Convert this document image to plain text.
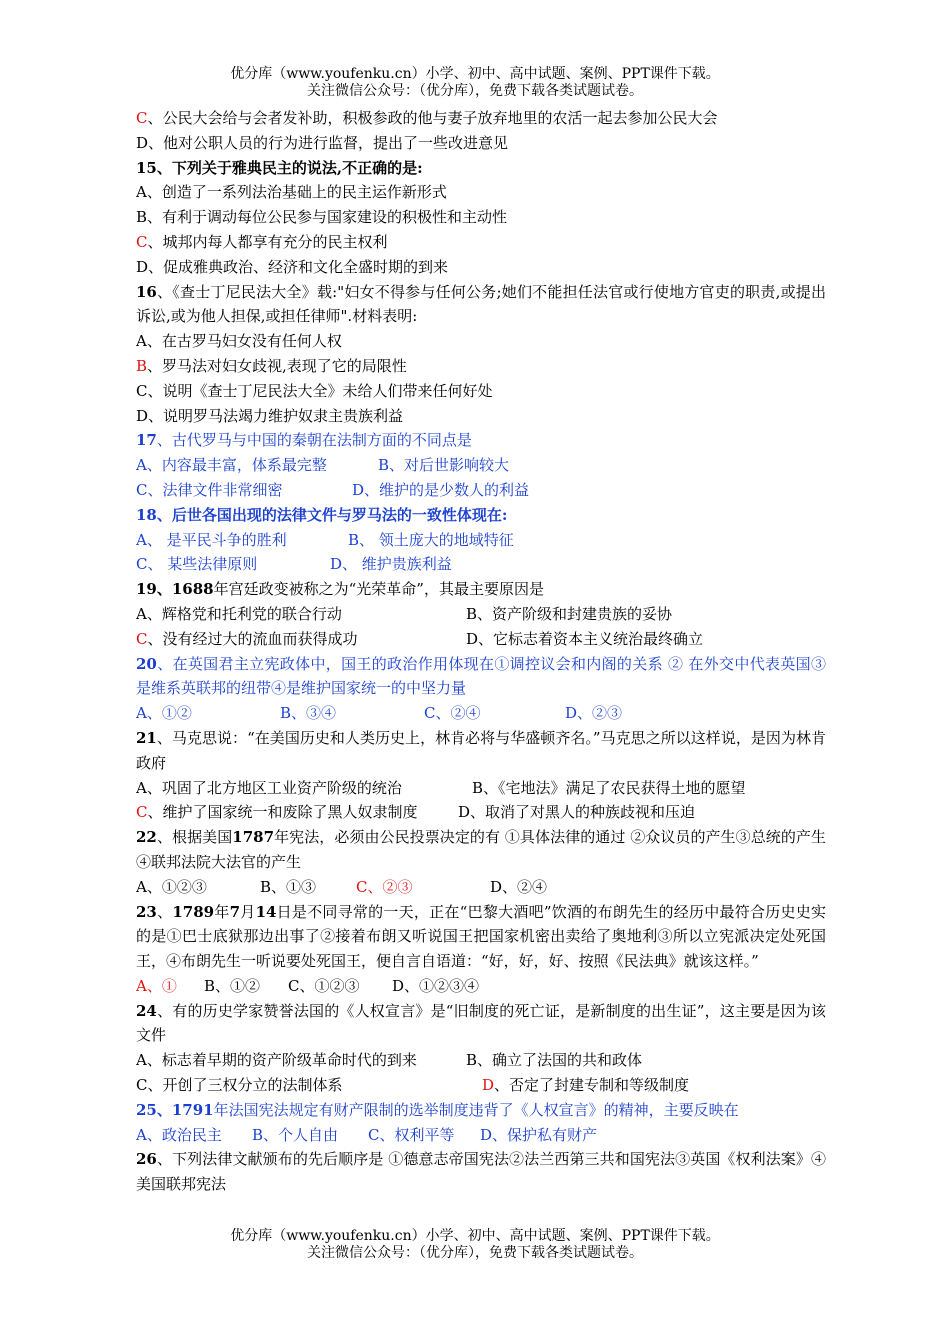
优分库（www.youfenku.cn）小学、初中、高中试题、案例、PPT课件下载。
关注微信公众号：（优分库），免费下载各类试题试卷。
C、公民大会给与会者发补助，积极参政的他与妻子放弃地里的农活一起去参加公民大会
D、他对公职人员的行为进行监督，提出了一些改进意见
15、下列关于雅典民主的说法,不正确的是:
A、创造了一系列法治基础上的民主运作新形式
B、有利于调动每位公民参与国家建设的积极性和主动性
C、城邦内每人都享有充分的民主权利
D、促成雅典政治、经济和文化全盛时期的到来
16、《查士丁尼民法大全》载:"妇女不得参与任何公务;她们不能担任法官或行使地方官吏的职责,或提出诉讼,或为他人担保,或担任律师".材料表明:
A、在古罗马妇女没有任何人权
B、罗马法对妇女歧视,表现了它的局限性
C、说明《查士丁尼民法大全》未给人们带来任何好处
D、说明罗马法竭力维护奴隶主贵族利益
17、古代罗马与中国的秦朝在法制方面的不同点是
A、内容最丰富，体系最完整	B、对后世影响较大
C、法律文件非常细密	D、维护的是少数人的利益
18、后世各国出现的法律文件与罗马法的一致性体现在:
A、 是平民斗争的胜利	B、 领土庞大的地域特征
C、 某些法律原则	D、 维护贵族利益
19、1688年宫廷政变被称之为“光荣革命”，其最主要原因是
A、辉格党和托利党的联合行动	B、资产阶级和封建贵族的妥协
C、没有经过大的流血而获得成功	D、它标志着资本主义统治最终确立
20、在英国君主立宪政体中，国王的政治作用体现在①调控议会和内阁的关系 ② 在外交中代表英国③是维系英联邦的纽带④是维护国家统一的中坚力量
A、①②	B、③④	C、②④	D、②③
21、马克思说：“在美国历史和人类历史上，林肯必将与华盛顿齐名。”马克思之所以这样说，是因为林肯政府
A、巩固了北方地区工业资产阶级的统治	B、《宅地法》满足了农民获得土地的愿望
C、维护了国家统一和废除了黑人奴隶制度	D、取消了对黑人的种族歧视和压迫
22、根据美国1787年宪法，必须由公民投票决定的有 ①具体法律的通过 ②众议员的产生③总统的产生 ④联邦法院大法官的产生
A、①②③	B、①③	C、②③	D、②④
23、1789年7月14日是不同寻常的一天，正在“巴黎大酒吧”饮酒的布朗先生的经历中最符合历史史实的是①巴士底狱那边出事了②接着布朗又听说国王把国家机密出卖给了奥地利③所以立宪派决定处死国王，④布朗先生一听说要处死国王，便自言自语道：“好，好，好、按照《民法典》就该这样。”
A、① B、①② C、①②③ D、①②③④
24、有的历史学家赞誉法国的《人权宣言》是“旧制度的死亡证，是新制度的出生证”，这主要是因为该文件
A、标志着早期的资产阶级革命时代的到来	B、确立了法国的共和政体
C、开创了三权分立的法制体系	D、否定了封建专制和等级制度
25、1791年法国宪法规定有财产限制的选举制度违背了《人权宣言》的精神，主要反映在
A、政治民主 B、个人自由 C、权利平等 D、保护私有财产
26、下列法律文献颁布的先后顺序是 ①德意志帝国宪法②法兰西第三共和国宪法③英国《权利法案》④美国联邦宪法
优分库（www.youfenku.cn）小学、初中、高中试题、案例、PPT课件下载。
关注微信公众号：（优分库），免费下载各类试题试卷。
